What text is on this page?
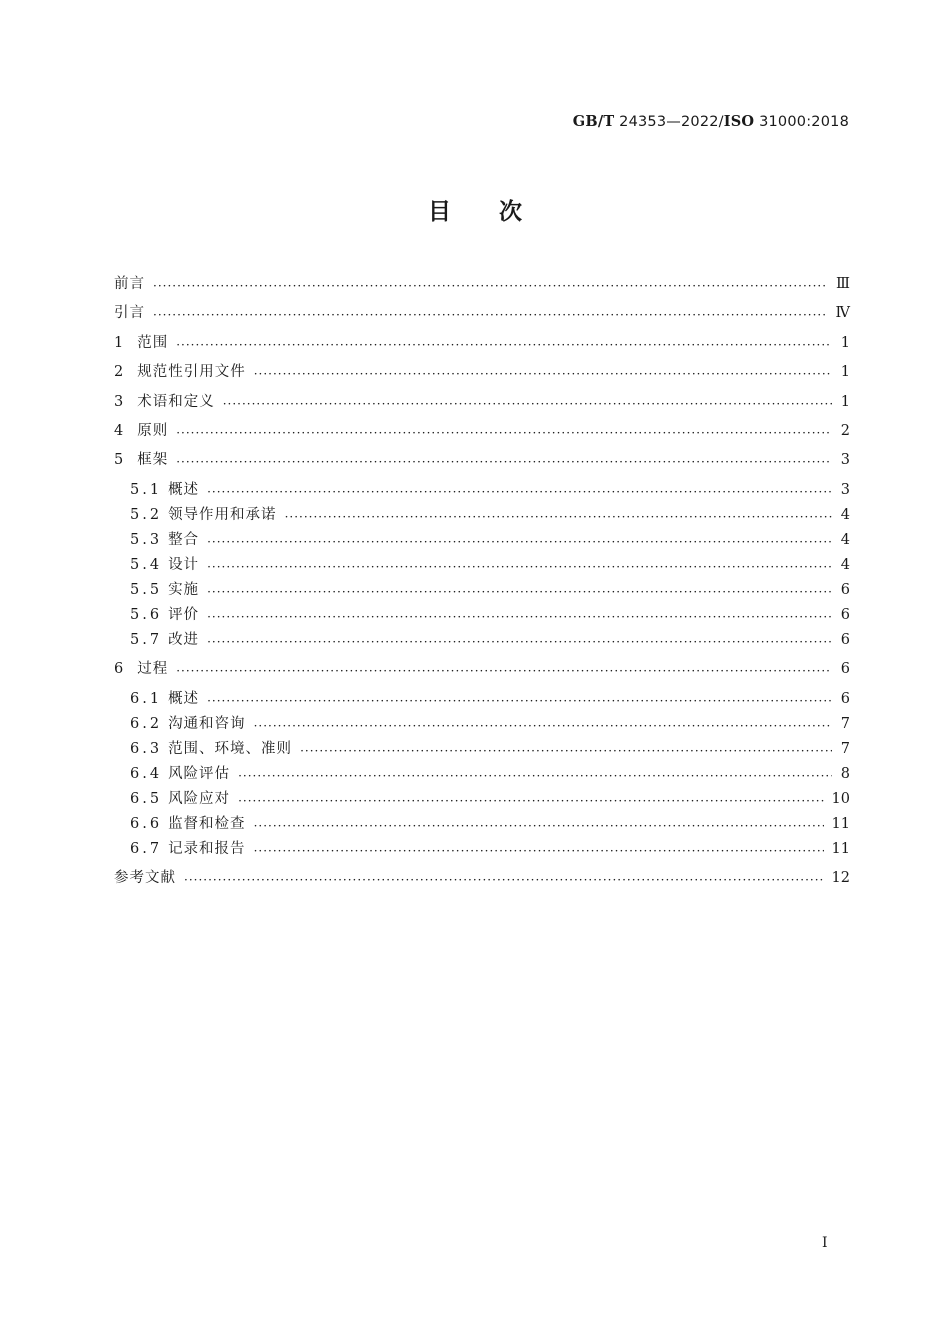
GB/T 24353—2022/ISO 31000:2018
目 次
前言 ·····	Ⅲ
引言 ·····	Ⅳ
1 范围 ·····	1
2 规范性引用文件 ·····	1
3 术语和定义 ·····	1
4 原则 ·····	2
5 框架 ·····	3
5.1 概述 ·····	3
5.2 领导作用和承诺 ·····	4
5.3 整合 ·····	4
5.4 设计 ·····	4
5.5 实施 ·····	6
5.6 评价 ·····	6
5.7 改进 ·····	6
6 过程 ·····	6
6.1 概述 ·····	6
6.2 沟通和咨询 ·····	7
6.3 范围、环境、准则 ·····	7
6.4 风险评估 ·····	8
6.5 风险应对 ·····	10
6.6 监督和检查 ·····	11
6.7 记录和报告 ·····	11
参考文献 ·····	12
Ⅰ
